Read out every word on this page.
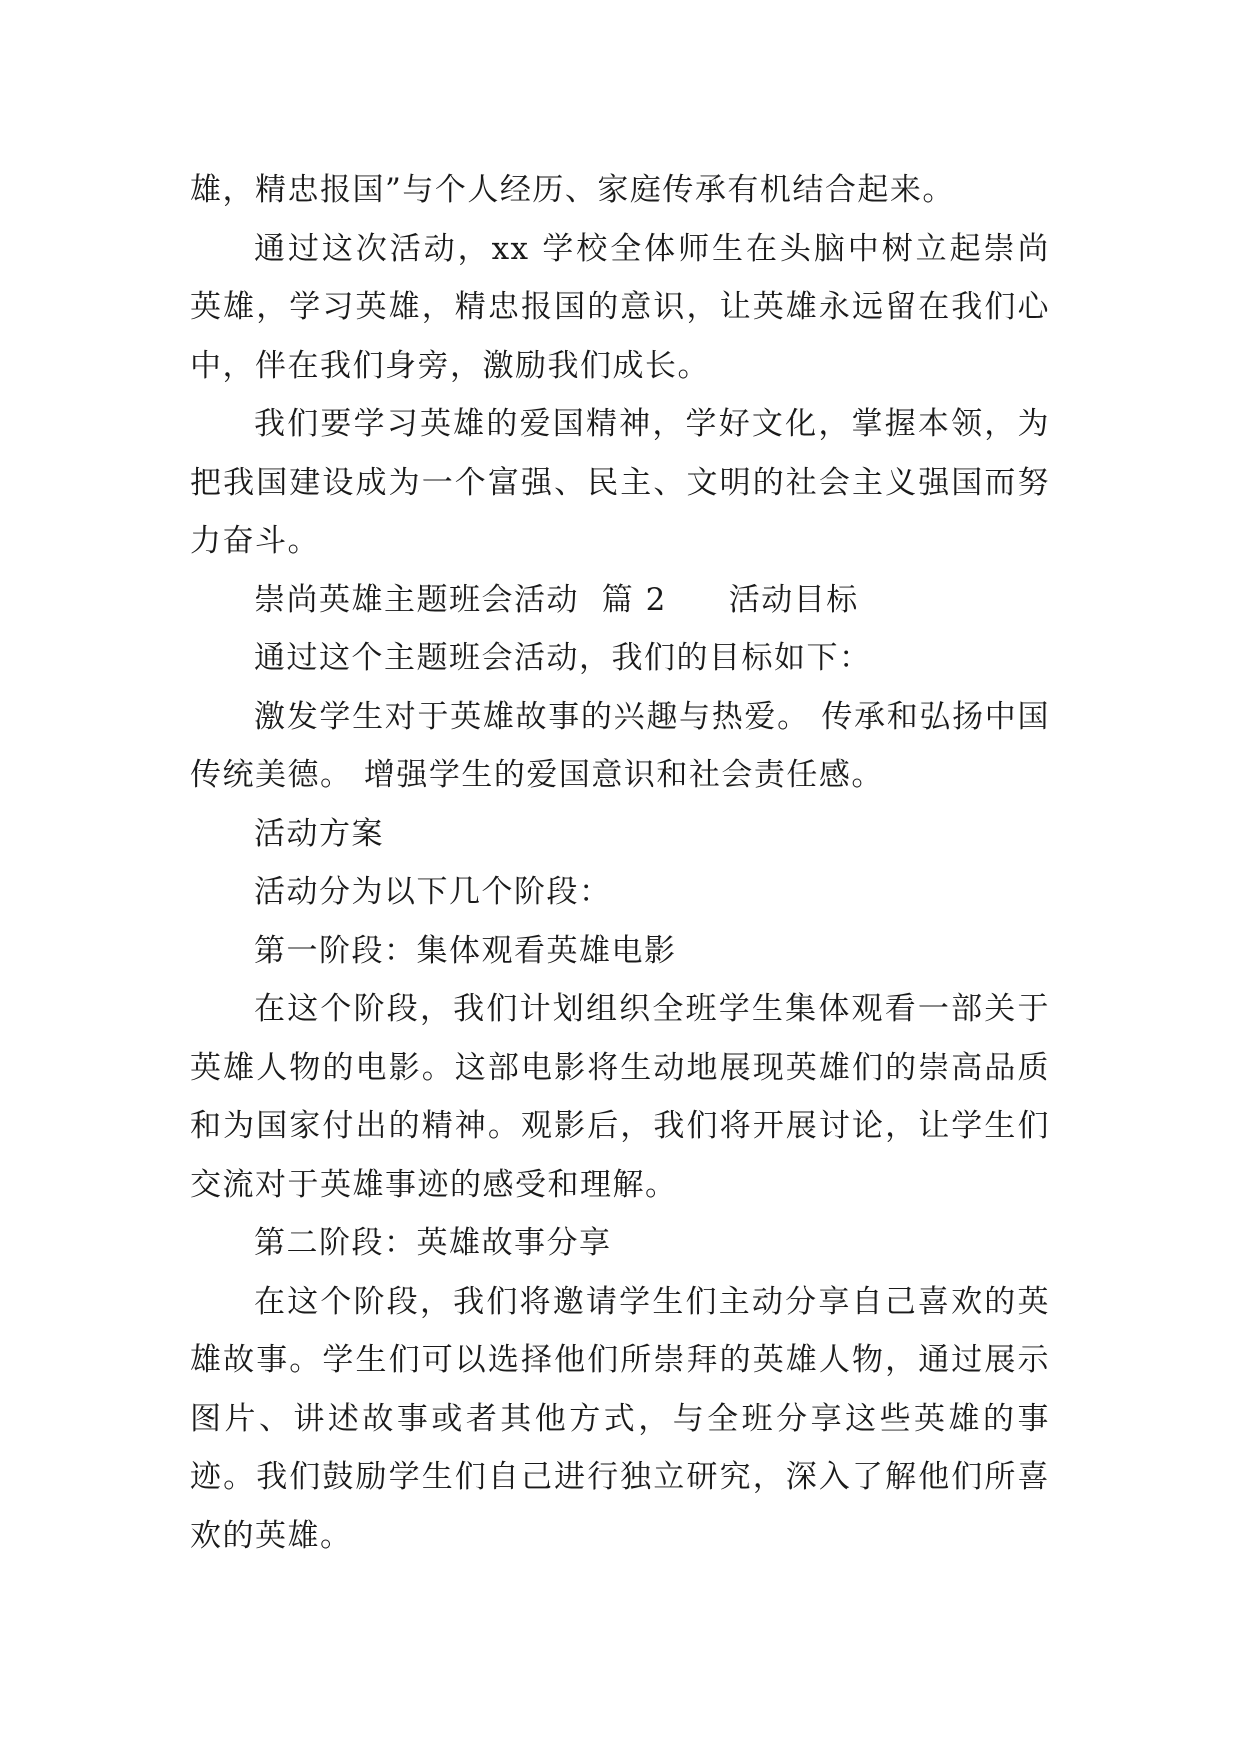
雄，精忠报国”与个人经历、家庭传承有机结合起来。

通过这次活动，xx 学校全体师生在头脑中树立起崇尚英雄，学习英雄，精忠报国的意识，让英雄永远留在我们心中，伴在我们身旁，激励我们成长。

我们要学习英雄的爱国精神，学好文化，掌握本领，为把我国建设成为一个富强、民主、文明的社会主义强国而努力奋斗。

崇尚英雄主题班会活动 篇 2 活动目标

通过这个主题班会活动，我们的目标如下：

激发学生对于英雄故事的兴趣与热爱。 传承和弘扬中国传统美德。 增强学生的爱国意识和社会责任感。

活动方案

活动分为以下几个阶段：

第一阶段：集体观看英雄电影

在这个阶段，我们计划组织全班学生集体观看一部关于英雄人物的电影。这部电影将生动地展现英雄们的崇高品质和为国家付出的精神。观影后，我们将开展讨论，让学生们交流对于英雄事迹的感受和理解。

第二阶段：英雄故事分享

在这个阶段，我们将邀请学生们主动分享自己喜欢的英雄故事。学生们可以选择他们所崇拜的英雄人物，通过展示图片、讲述故事或者其他方式，与全班分享这些英雄的事迹。我们鼓励学生们自己进行独立研究，深入了解他们所喜欢的英雄。
